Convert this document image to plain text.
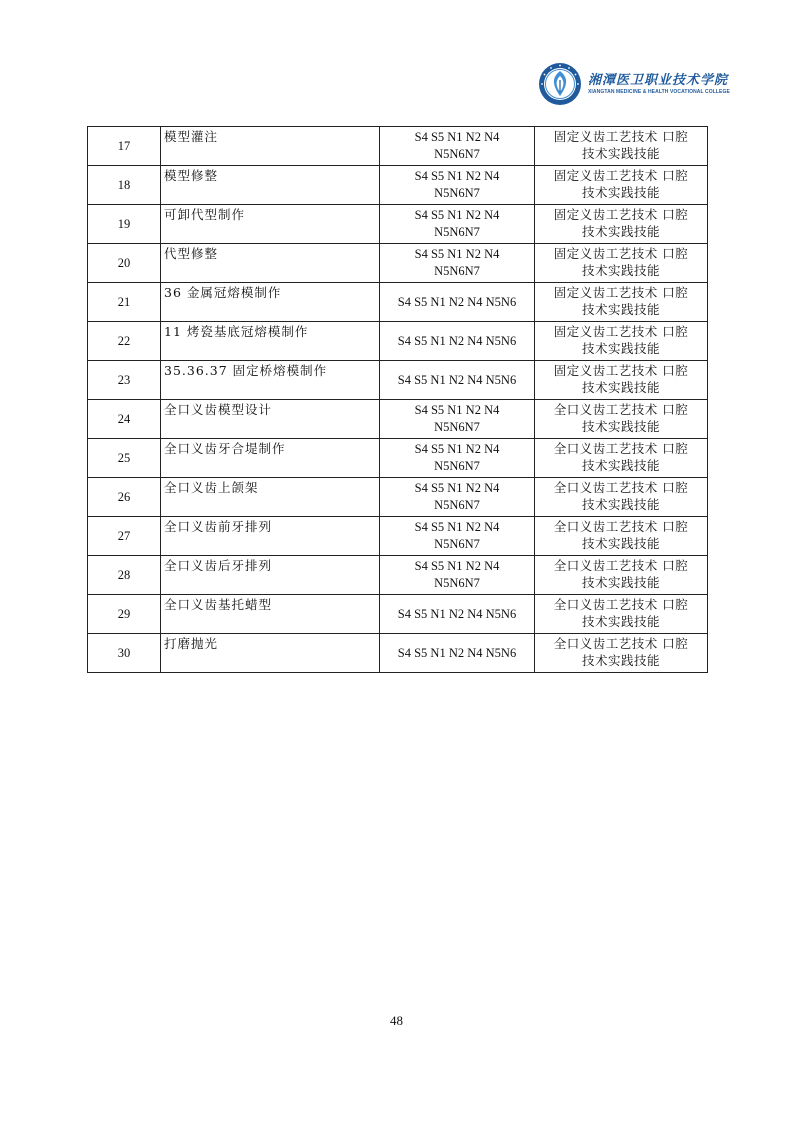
湘潭医卫职业技术学院
XIANGTAN MEDICINE & HEALTH VOCATIONAL COLLEGE
17	模型灌注	S4 S5 N1 N2 N4
N5N6N7	固定义齿工艺技术 口腔
技术实践技能

18	模型修整	S4 S5 N1 N2 N4
N5N6N7	固定义齿工艺技术 口腔
技术实践技能

19	可卸代型制作	S4 S5 N1 N2 N4
N5N6N7	固定义齿工艺技术 口腔
技术实践技能

20	代型修整	S4 S5 N1 N2 N4
N5N6N7	固定义齿工艺技术 口腔
技术实践技能

21	36 金属冠熔模制作	S4 S5 N1 N2 N4 N5N6	固定义齿工艺技术 口腔
技术实践技能

22	11 烤瓷基底冠熔模制作	S4 S5 N1 N2 N4 N5N6	固定义齿工艺技术 口腔
技术实践技能

23	35.36.37 固定桥熔模制作	S4 S5 N1 N2 N4 N5N6	固定义齿工艺技术 口腔
技术实践技能

24	全口义齿模型设计	S4 S5 N1 N2 N4
N5N6N7	全口义齿工艺技术 口腔
技术实践技能

25	全口义齿牙合堤制作	S4 S5 N1 N2 N4
N5N6N7	全口义齿工艺技术 口腔
技术实践技能

26	全口义齿上颌架	S4 S5 N1 N2 N4
N5N6N7	全口义齿工艺技术 口腔
技术实践技能

27	全口义齿前牙排列	S4 S5 N1 N2 N4
N5N6N7	全口义齿工艺技术 口腔
技术实践技能

28	全口义齿后牙排列	S4 S5 N1 N2 N4
N5N6N7	全口义齿工艺技术 口腔
技术实践技能

29	全口义齿基托蜡型	S4 S5 N1 N2 N4 N5N6	全口义齿工艺技术 口腔
技术实践技能

30	打磨抛光	S4 S5 N1 N2 N4 N5N6	全口义齿工艺技术 口腔
技术实践技能
48
